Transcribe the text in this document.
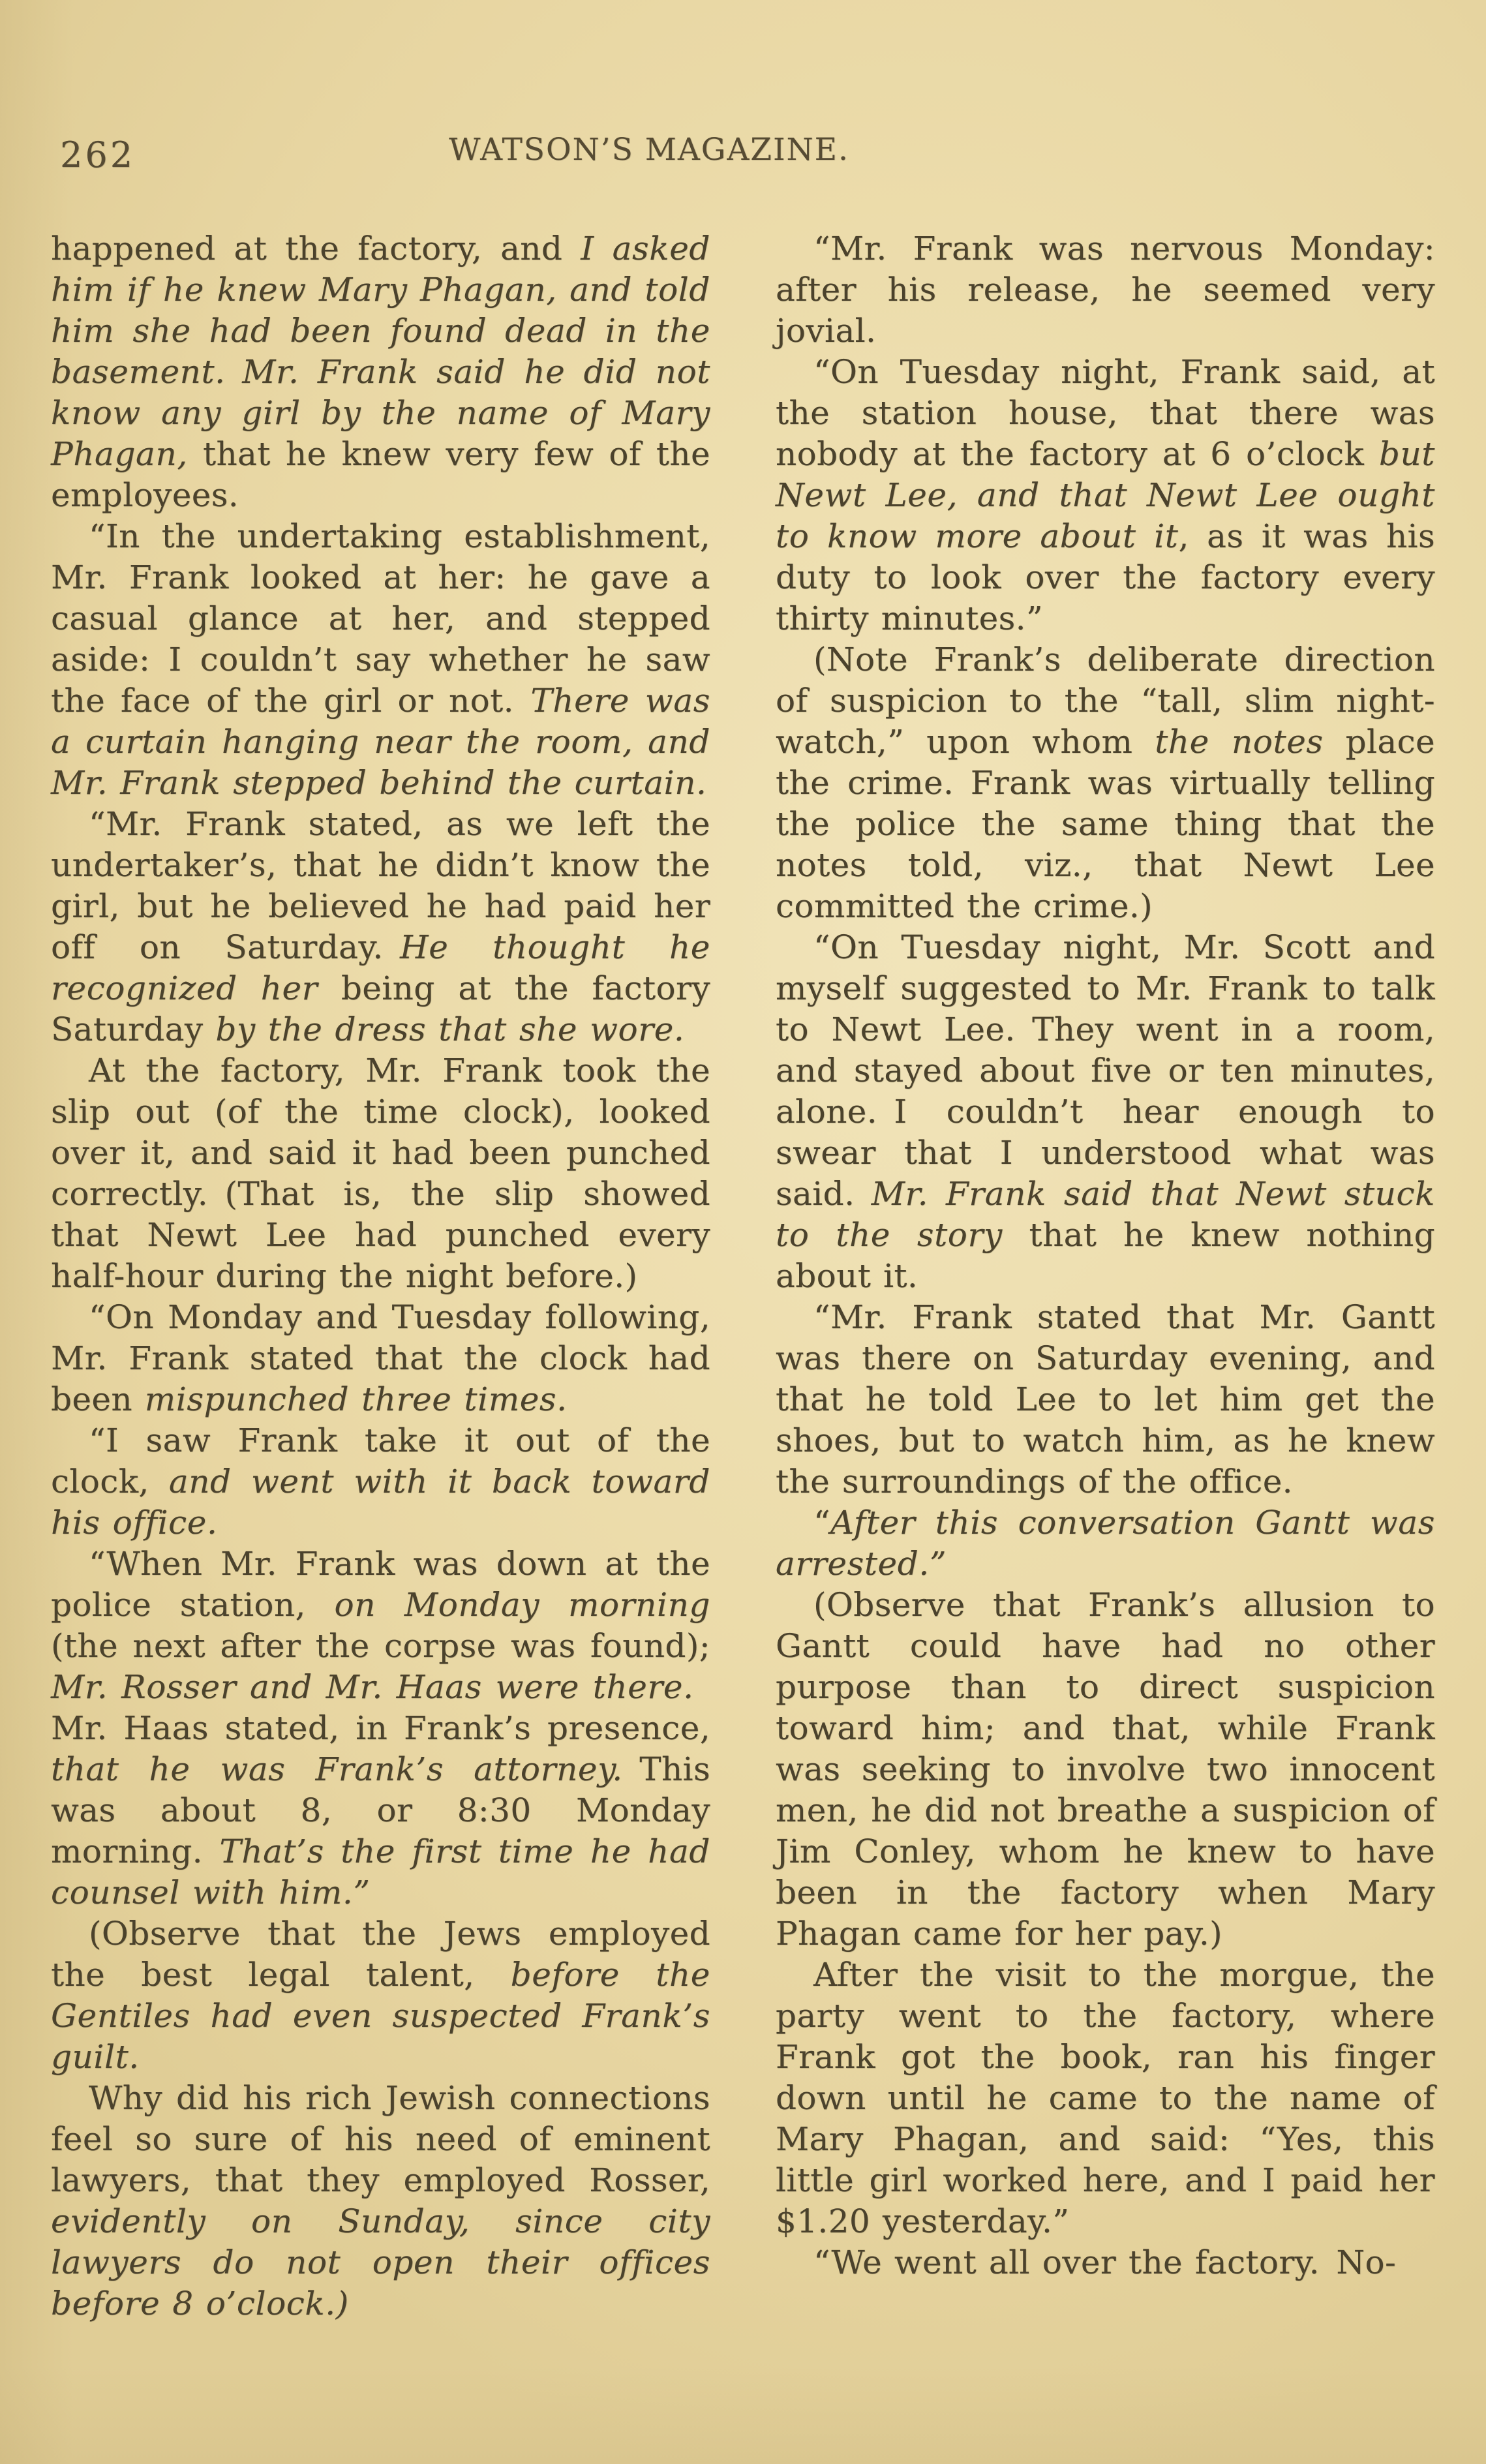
262	WATSON’S MAGAZINE.

happened at the factory, and I asked him if he knew Mary Phagan, and told him she had been found dead in the basement. Mr. Frank said he did not know any girl by the name of Mary Phagan, that he knew very few of the employees.

“In the undertaking establishment, Mr. Frank looked at her: he gave a casual glance at her, and stepped aside: I couldn’t say whether he saw the face of the girl or not. There was a curtain hanging near the room, and Mr. Frank stepped behind the curtain.

“Mr. Frank stated, as we left the undertaker’s, that he didn’t know the girl, but he believed he had paid her off on Saturday. He thought he recognized her being at the factory Saturday by the dress that she wore.

At the factory, Mr. Frank took the slip out (of the time clock), looked over it, and said it had been punched correctly. (That is, the slip showed that Newt Lee had punched every half-hour during the night before.)

“On Monday and Tuesday following, Mr. Frank stated that the clock had been mispunched three times.

“I saw Frank take it out of the clock, and went with it back toward his office.

“When Mr. Frank was down at the police station, on Monday morning (the next after the corpse was found); Mr. Rosser and Mr. Haas were there. Mr. Haas stated, in Frank’s presence, that he was Frank’s attorney. This was about 8, or 8:30 Monday morning. That’s the first time he had counsel with him.”

(Observe that the Jews employed the best legal talent, before the Gentiles had even suspected Frank’s guilt.

Why did his rich Jewish connections feel so sure of his need of eminent lawyers, that they employed Rosser, evidently on Sunday, since city lawyers do not open their offices before 8 o’clock.)

“Mr. Frank was nervous Monday: after his release, he seemed very jovial.

“On Tuesday night, Frank said, at the station house, that there was nobody at the factory at 6 o’clock but Newt Lee, and that Newt Lee ought to know more about it, as it was his duty to look over the factory every thirty minutes.”

(Note Frank’s deliberate direction of suspicion to the “tall, slim night-watch,” upon whom the notes place the crime. Frank was virtually telling the police the same thing that the notes told, viz., that Newt Lee committed the crime.)

“On Tuesday night, Mr. Scott and myself suggested to Mr. Frank to talk to Newt Lee. They went in a room, and stayed about five or ten minutes, alone. I couldn’t hear enough to swear that I understood what was said. Mr. Frank said that Newt stuck to the story that he knew nothing about it.

“Mr. Frank stated that Mr. Gantt was there on Saturday evening, and that he told Lee to let him get the shoes, but to watch him, as he knew the surroundings of the office.

“After this conversation Gantt was arrested.”

(Observe that Frank’s allusion to Gantt could have had no other purpose than to direct suspicion toward him; and that, while Frank was seeking to involve two innocent men, he did not breathe a suspicion of Jim Conley, whom he knew to have been in the factory when Mary Phagan came for her pay.)

After the visit to the morgue, the party went to the factory, where Frank got the book, ran his finger down until he came to the name of Mary Phagan, and said: “Yes, this little girl worked here, and I paid her $1.20 yesterday.”

“We went all over the factory. No-
